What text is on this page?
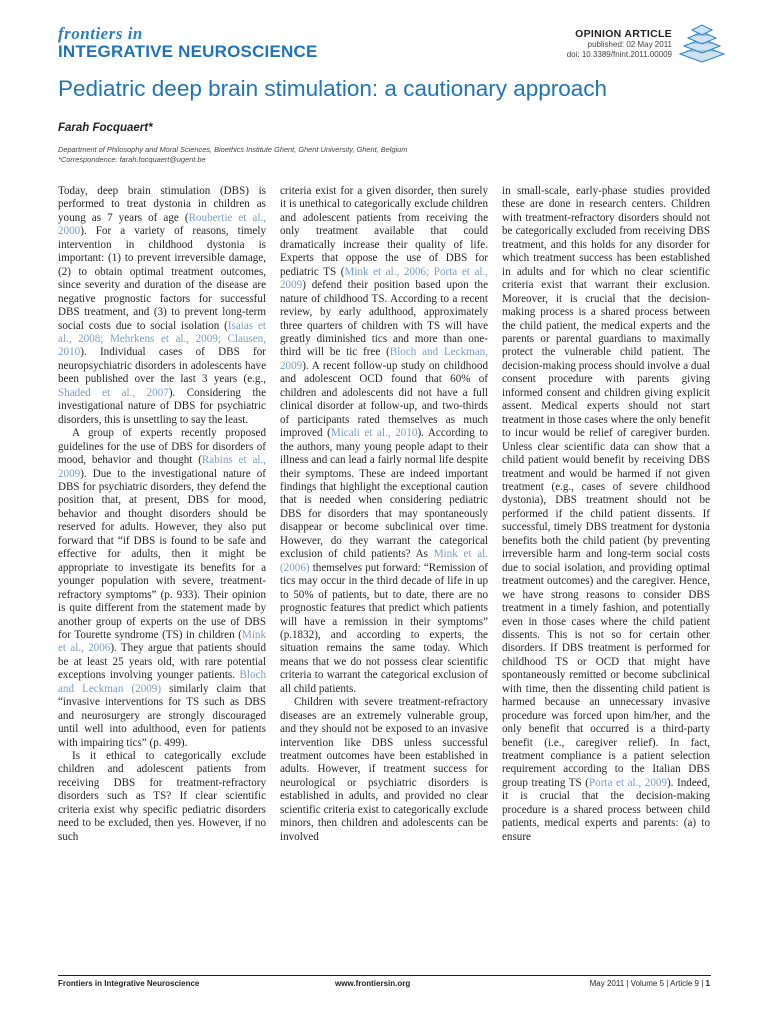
frontiers in
INTEGRATIVE NEUROSCIENCE
OPINION ARTICLE
published: 02 May 2011
doi: 10.3389/fnint.2011.00009
Pediatric deep brain stimulation: a cautionary approach
Farah Focquaert*
Department of Philosophy and Moral Sciences, Bioethics Institute Ghent, Ghent University, Ghent, Belgium
*Correspondence: farah.focquaert@ugent.be

Today, deep brain stimulation (DBS) is performed to treat dystonia in children as young as 7 years of age (Roubertie et al., 2000). For a variety of reasons, timely intervention in childhood dystonia is important: (1) to prevent irreversible damage, (2) to obtain optimal treatment outcomes, since severity and duration of the disease are negative prognostic factors for successful DBS treatment, and (3) to prevent long-term social costs due to social isolation (Isaias et al., 2008; Mehrkens et al., 2009; Clausen, 2010). Individual cases of DBS for neuropsychiatric disorders in adolescents have been published over the last 3 years (e.g., Shaded et al., 2007). Considering the investigational nature of DBS for psychiatric disorders, this is unsettling to say the least.

A group of experts recently proposed guidelines for the use of DBS for disorders of mood, behavior and thought (Rabins et al., 2009). Due to the investigational nature of DBS for psychiatric disorders, they defend the position that, at present, DBS for mood, behavior and thought disorders should be reserved for adults. However, they also put forward that “if DBS is found to be safe and effective for adults, then it might be appropriate to investigate its benefits for a younger population with severe, treatment-refractory symptoms” (p. 933). Their opinion is quite different from the statement made by another group of experts on the use of DBS for Tourette syndrome (TS) in children (Mink et al., 2006). They argue that patients should be at least 25 years old, with rare potential exceptions involving younger patients. Bloch and Leckman (2009) similarly claim that “invasive interventions for TS such as DBS and neurosurgery are strongly discouraged until well into adulthood, even for patients with impairing tics” (p. 499).

Is it ethical to categorically exclude children and adolescent patients from receiving DBS for treatment-refractory disorders such as TS? If clear scientific criteria exist why specific pediatric disorders need to be excluded, then yes. However, if no such

criteria exist for a given disorder, then surely it is unethical to categorically exclude children and adolescent patients from receiving the only treatment available that could dramatically increase their quality of life. Experts that oppose the use of DBS for pediatric TS (Mink et al., 2006; Porta et al., 2009) defend their position based upon the nature of childhood TS. According to a recent review, by early adulthood, approximately three quarters of children with TS will have greatly diminished tics and more than one-third will be tic free (Bloch and Leckman, 2009). A recent follow-up study on childhood and adolescent OCD found that 60% of children and adolescents did not have a full clinical disorder at follow-up, and two-thirds of participants rated themselves as much improved (Micali et al., 2010). According to the authors, many young people adapt to their illness and can lead a fairly normal life despite their symptoms. These are indeed important findings that highlight the exceptional caution that is needed when considering pediatric DBS for disorders that may spontaneously disappear or become subclinical over time. However, do they warrant the categorical exclusion of child patients? As Mink et al. (2006) themselves put forward: “Remission of tics may occur in the third decade of life in up to 50% of patients, but to date, there are no prognostic features that predict which patients will have a remission in their symptoms” (p.1832), and according to experts, the situation remains the same today. Which means that we do not possess clear scientific criteria to warrant the categorical exclusion of all child patients.

Children with severe treatment-refractory diseases are an extremely vulnerable group, and they should not be exposed to an invasive intervention like DBS unless successful treatment outcomes have been established in adults. However, if treatment success for neurological or psychiatric disorders is established in adults, and provided no clear scientific criteria exist to categorically exclude minors, then children and adolescents can be involved

in small-scale, early-phase studies provided these are done in research centers. Children with treatment-refractory disorders should not be categorically excluded from receiving DBS treatment, and this holds for any disorder for which treatment success has been established in adults and for which no clear scientific criteria exist that warrant their exclusion. Moreover, it is crucial that the decision-making process is a shared process between the child patient, the medical experts and the parents or parental guardians to maximally protect the vulnerable child patient. The decision-making process should involve a dual consent procedure with parents giving informed consent and children giving explicit assent. Medical experts should not start treatment in those cases where the only benefit to incur would be relief of caregiver burden. Unless clear scientific data can show that a child patient would benefit by receiving DBS treatment and would be harmed if not given treatment (e.g., cases of severe childhood dystonia), DBS treatment should not be performed if the child patient dissents. If successful, timely DBS treatment for dystonia benefits both the child patient (by preventing irreversible harm and long-term social costs due to social isolation, and providing optimal treatment outcomes) and the caregiver. Hence, we have strong reasons to consider DBS treatment in a timely fashion, and potentially even in those cases where the child patient dissents. This is not so for certain other disorders. If DBS treatment is performed for childhood TS or OCD that might have spontaneously remitted or become subclinical with time, then the dissenting child patient is harmed because an unnecessary invasive procedure was forced upon him/her, and the only benefit that occurred is a third-party benefit (i.e., caregiver relief). In fact, treatment compliance is a patient selection requirement according to the Italian DBS group treating TS (Porta et al., 2009). Indeed, it is crucial that the decision-making procedure is a shared process between child patients, medical experts and parents: (a) to ensure

Frontiers in Integrative Neuroscience	www.frontiersin.org	May 2011 | Volume 5 | Article 9 | 1
